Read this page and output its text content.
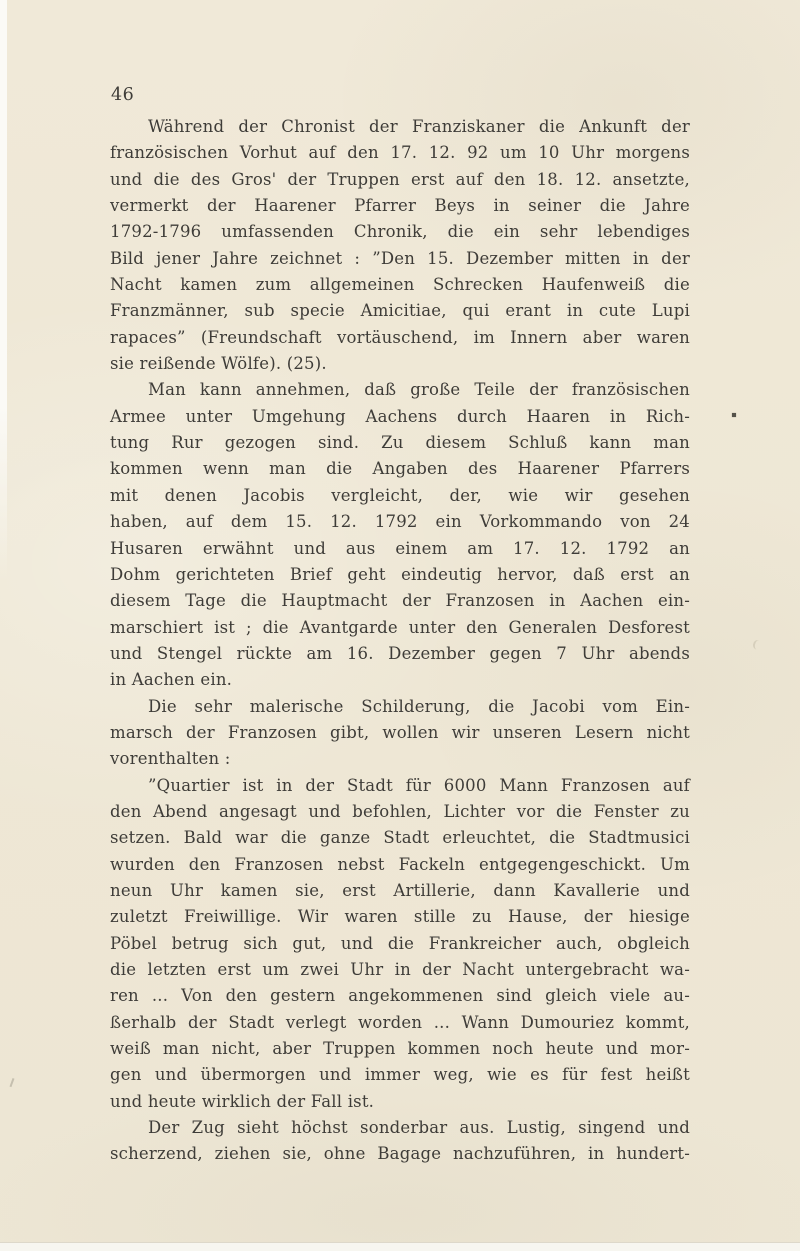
46
Während der Chronist der Franziskaner die Ankunft der
französischen Vorhut auf den 17. 12. 92 um 10 Uhr morgens
und die des Gros' der Truppen erst auf den 18. 12. ansetzte,
vermerkt der Haarener Pfarrer Beys in seiner die Jahre
1792-1796 umfassenden Chronik, die ein sehr lebendiges
Bild jener Jahre zeichnet : ”Den 15. Dezember mitten in der
Nacht kamen zum allgemeinen Schrecken Haufenweiß die
Franzmänner, sub specie Amicitiae, qui erant in cute Lupi
rapaces” (Freundschaft vortäuschend, im Innern aber waren
sie reißende Wölfe). (25).
Man kann annehmen, daß große Teile der französischen
Armee unter Umgehung Aachens durch Haaren in Rich-
tung Rur gezogen sind. Zu diesem Schluß kann man
kommen wenn man die Angaben des Haarener Pfarrers
mit denen Jacobis vergleicht, der, wie wir gesehen
haben, auf dem 15. 12. 1792 ein Vorkommando von 24
Husaren erwähnt und aus einem am 17. 12. 1792 an
Dohm gerichteten Brief geht eindeutig hervor, daß erst an
diesem Tage die Hauptmacht der Franzosen in Aachen ein-
marschiert ist ; die Avantgarde unter den Generalen Desforest
und Stengel rückte am 16. Dezember gegen 7 Uhr abends
in Aachen ein.
Die sehr malerische Schilderung, die Jacobi vom Ein-
marsch der Franzosen gibt, wollen wir unseren Lesern nicht
vorenthalten :
”Quartier ist in der Stadt für 6000 Mann Franzosen auf
den Abend angesagt und befohlen, Lichter vor die Fenster zu
setzen. Bald war die ganze Stadt erleuchtet, die Stadtmusici
wurden den Franzosen nebst Fackeln entgegengeschickt. Um
neun Uhr kamen sie, erst Artillerie, dann Kavallerie und
zuletzt Freiwillige. Wir waren stille zu Hause, der hiesige
Pöbel betrug sich gut, und die Frankreicher auch, obgleich
die letzten erst um zwei Uhr in der Nacht untergebracht wa-
ren ... Von den gestern angekommenen sind gleich viele au-
ßerhalb der Stadt verlegt worden ... Wann Dumouriez kommt,
weiß man nicht, aber Truppen kommen noch heute und mor-
gen und übermorgen und immer weg, wie es für fest heißt
und heute wirklich der Fall ist.
Der Zug sieht höchst sonderbar aus. Lustig, singend und
scherzend, ziehen sie, ohne Bagage nachzuführen, in hundert-
